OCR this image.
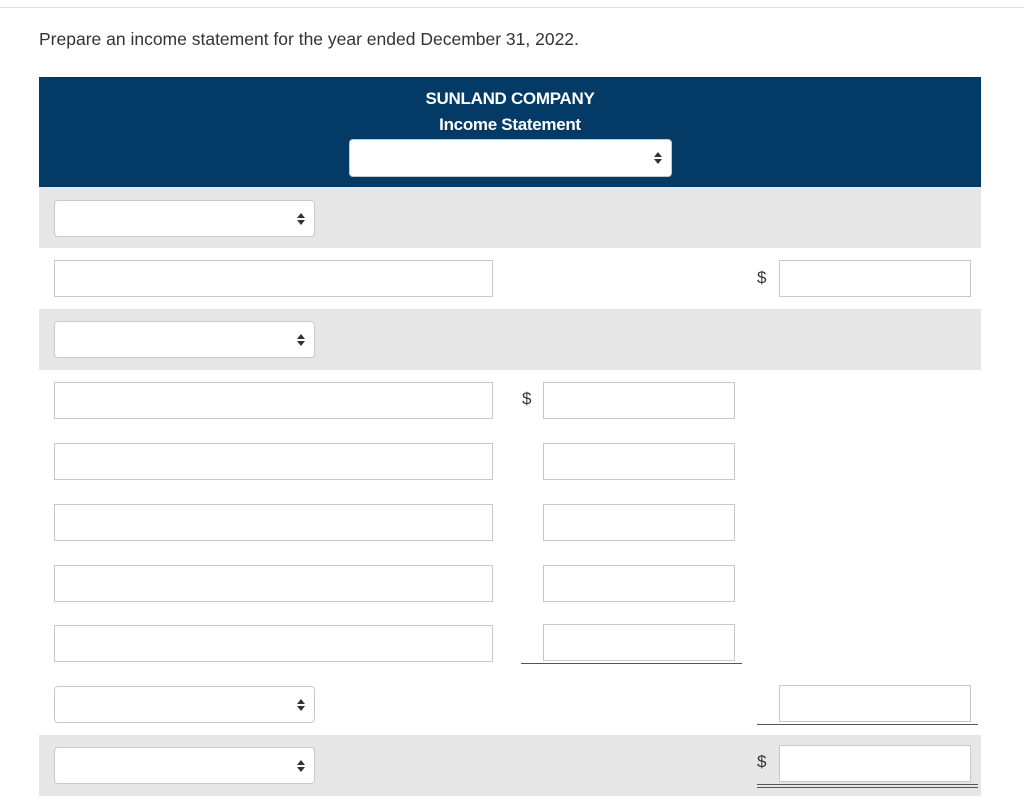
Prepare an income statement for the year ended December 31, 2022.
SUNLAND COMPANY
Income Statement
$
$
$
